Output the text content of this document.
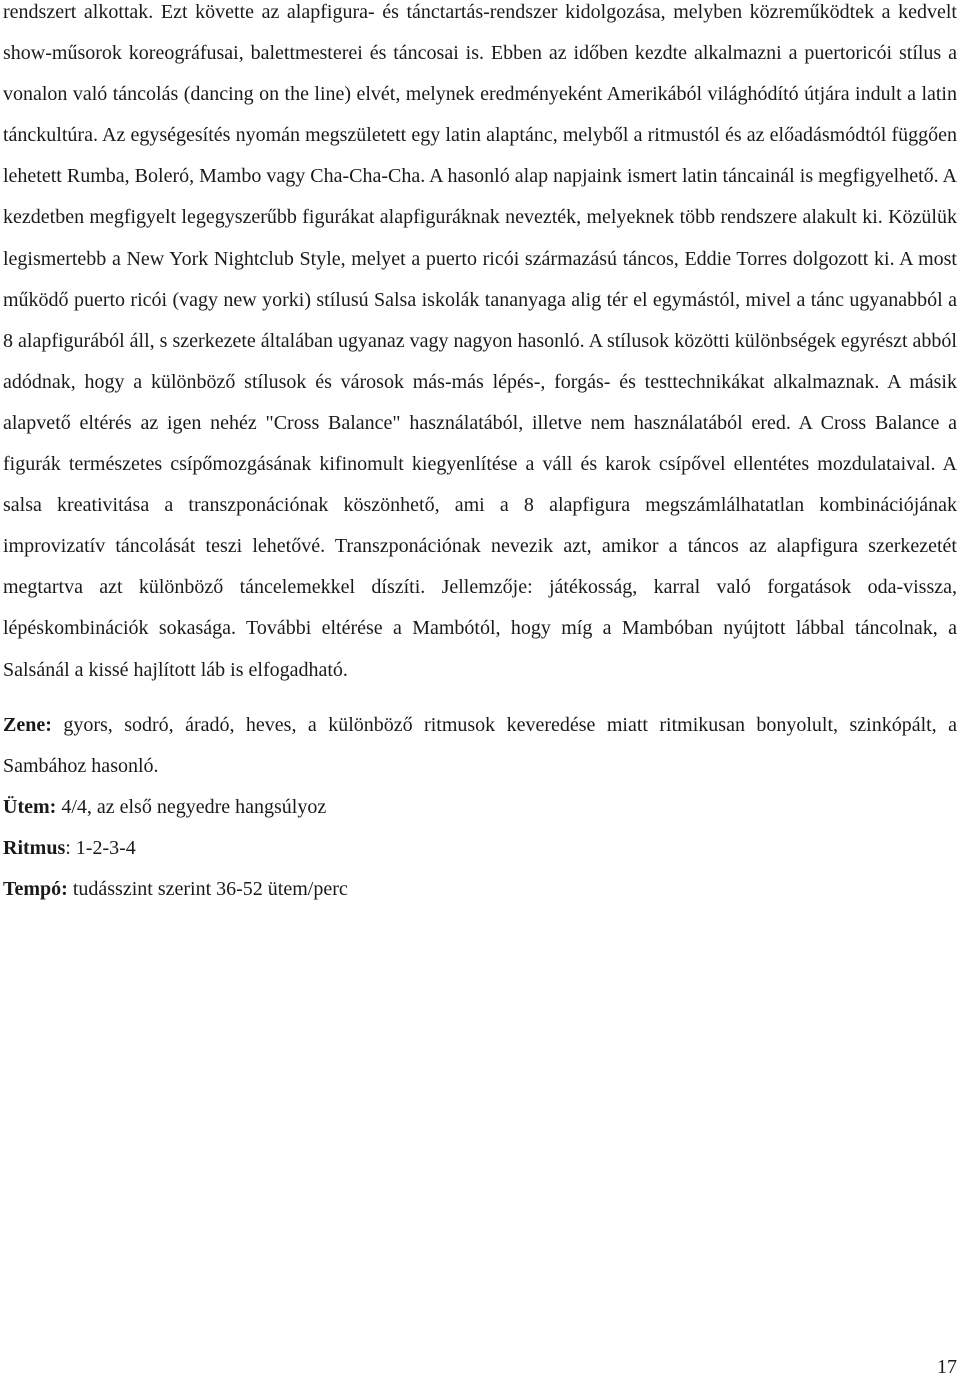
rendszert alkottak. Ezt követte az alapfigura- és tánctartás-rendszer kidolgozása, melyben közreműködtek a kedvelt show-műsorok koreográfusai, balettmesterei és táncosai is. Ebben az időben kezdte alkalmazni a puertoricói stílus a vonalon való táncolás (dancing on the line) elvét, melynek eredményeként Amerikából világhódító útjára indult a latin tánckultúra. Az egységesítés nyomán megszületett egy latin alaptánc, melyből a ritmustól és az előadásmódtól függően lehetett Rumba, Boleró, Mambo vagy Cha-Cha-Cha. A hasonló alap napjaink ismert latin táncainál is megfigyelhető. A kezdetben megfigyelt legegyszerűbb figurákat alapfiguráknak nevezték, melyeknek több rendszere alakult ki. Közülük legismertebb a New York Nightclub Style, melyet a puerto ricói származású táncos, Eddie Torres dolgozott ki. A most működő puerto ricói (vagy new yorki) stílusú Salsa iskolák tananyaga alig tér el egymástól, mivel a tánc ugyanabból a 8 alapfigurából áll, s szerkezete általában ugyanaz vagy nagyon hasonló. A stílusok közötti különbségek egyrészt abból adódnak, hogy a különböző stílusok és városok más-más lépés-, forgás- és testtechnikákat alkalmaznak. A másik alapvető eltérés az igen nehéz "Cross Balance" használatából, illetve nem használatából ered. A Cross Balance a figurák természetes csípőmozgásának kifinomult kiegyenlítése a váll és karok csípővel ellentétes mozdulataival. A salsa kreativitása a transzponációnak köszönhető, ami a 8 alapfigura megszámlálhatatlan kombinációjának improvizatív táncolását teszi lehetővé. Transzponációnak nevezik azt, amikor a táncos az alapfigura szerkezetét megtartva azt különböző táncelemekkel díszíti. Jellemzője: játékosság, karral való forgatások oda-vissza, lépéskombinációk sokasága. További eltérése a Mambótól, hogy míg a Mambóban nyújtott lábbal táncolnak, a Salsánál a kissé hajlított láb is elfogadható.

Zene: gyors, sodró, áradó, heves, a különböző ritmusok keveredése miatt ritmikusan bonyolult, szinkópált, a Sambához hasonló.

Ütem: 4/4, az első negyedre hangsúlyoz

Ritmus: 1-2-3-4

Tempó: tudásszint szerint 36-52 ütem/perc

17
